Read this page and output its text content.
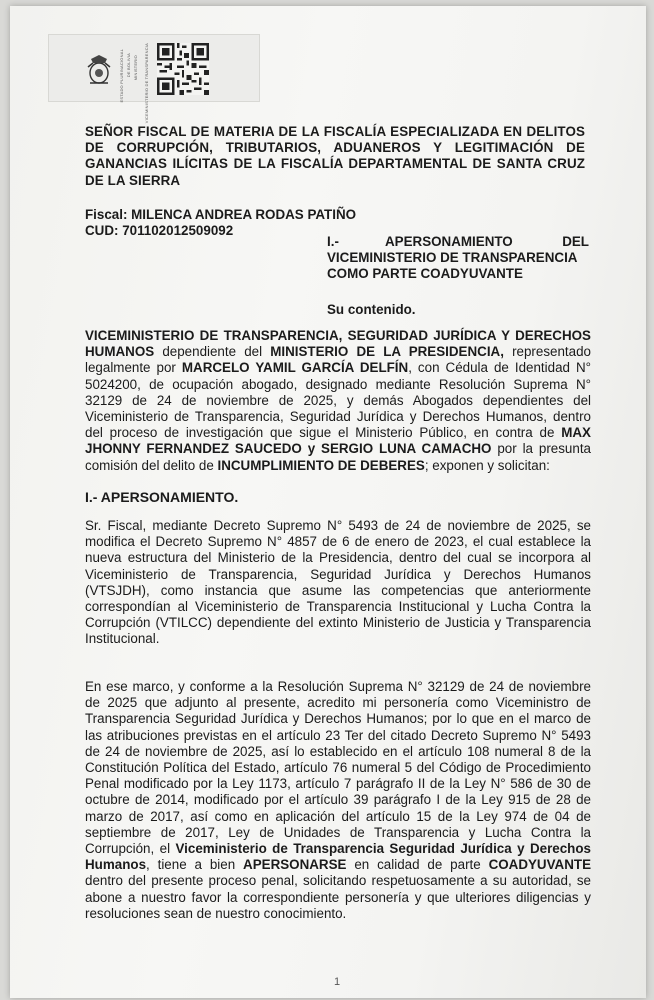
ESTADO PLURINACIONAL DE BOLIVIA MINISTERIO VICEMINISTERIO DE TRANSPARENCIA
SEÑOR FISCAL DE MATERIA DE LA FISCALÍA ESPECIALIZADA EN DELITOS DE CORRUPCIÓN, TRIBUTARIOS, ADUANEROS Y LEGITIMACIÓN DE GANANCIAS ILÍCITAS DE LA FISCALÍA DEPARTAMENTAL DE SANTA CRUZ DE LA SIERRA
Fiscal: MILENCA ANDREA RODAS PATIÑO
CUD: 701102012509092
I.-	APERSONAMIENTO DEL
VICEMINISTERIO DE TRANSPARENCIA
COMO PARTE COADYUVANTE
Su contenido.
VICEMINISTERIO DE TRANSPARENCIA, SEGURIDAD JURÍDICA Y DERECHOS HUMANOS dependiente del MINISTERIO DE LA PRESIDENCIA, representado legalmente por MARCELO YAMIL GARCÍA DELFÍN, con Cédula de Identidad N° 5024200, de ocupación abogado, designado mediante Resolución Suprema N° 32129 de 24 de noviembre de 2025, y demás Abogados dependientes del Viceministerio de Transparencia, Seguridad Jurídica y Derechos Humanos, dentro del proceso de investigación que sigue el Ministerio Público, en contra de MAX JHONNY FERNANDEZ SAUCEDO y SERGIO LUNA CAMACHO por la presunta comisión del delito de INCUMPLIMIENTO DE DEBERES; exponen y solicitan:
I.- APERSONAMIENTO.
Sr. Fiscal, mediante Decreto Supremo N° 5493 de 24 de noviembre de 2025, se modifica el Decreto Supremo N° 4857 de 6 de enero de 2023, el cual establece la nueva estructura del Ministerio de la Presidencia, dentro del cual se incorpora al Viceministerio de Transparencia, Seguridad Jurídica y Derechos Humanos (VTSJDH), como instancia que asume las competencias que anteriormente correspondían al Viceministerio de Transparencia Institucional y Lucha Contra la Corrupción (VTILCC) dependiente del extinto Ministerio de Justicia y Transparencia Institucional.
En ese marco, y conforme a la Resolución Suprema N° 32129 de 24 de noviembre de 2025 que adjunto al presente, acredito mi personería como Viceministro de Transparencia Seguridad Jurídica y Derechos Humanos; por lo que en el marco de las atribuciones previstas en el artículo 23 Ter del citado Decreto Supremo N° 5493 de 24 de noviembre de 2025, así lo establecido en el artículo 108 numeral 8 de la Constitución Política del Estado, artículo 76 numeral 5 del Código de Procedimiento Penal modificado por la Ley 1173, artículo 7 parágrafo II de la Ley N° 586 de 30 de octubre de 2014, modificado por el artículo 39 parágrafo I de la Ley 915 de 28 de marzo de 2017, así como en aplicación del artículo 15 de la Ley 974 de 04 de septiembre de 2017, Ley de Unidades de Transparencia y Lucha Contra la Corrupción, el Viceministerio de Transparencia Seguridad Jurídica y Derechos Humanos, tiene a bien APERSONARSE en calidad de parte COADYUVANTE dentro del presente proceso penal, solicitando respetuosamente a su autoridad, se abone a nuestro favor la correspondiente personería y que ulteriores diligencias y resoluciones sean de nuestro conocimiento.
1
